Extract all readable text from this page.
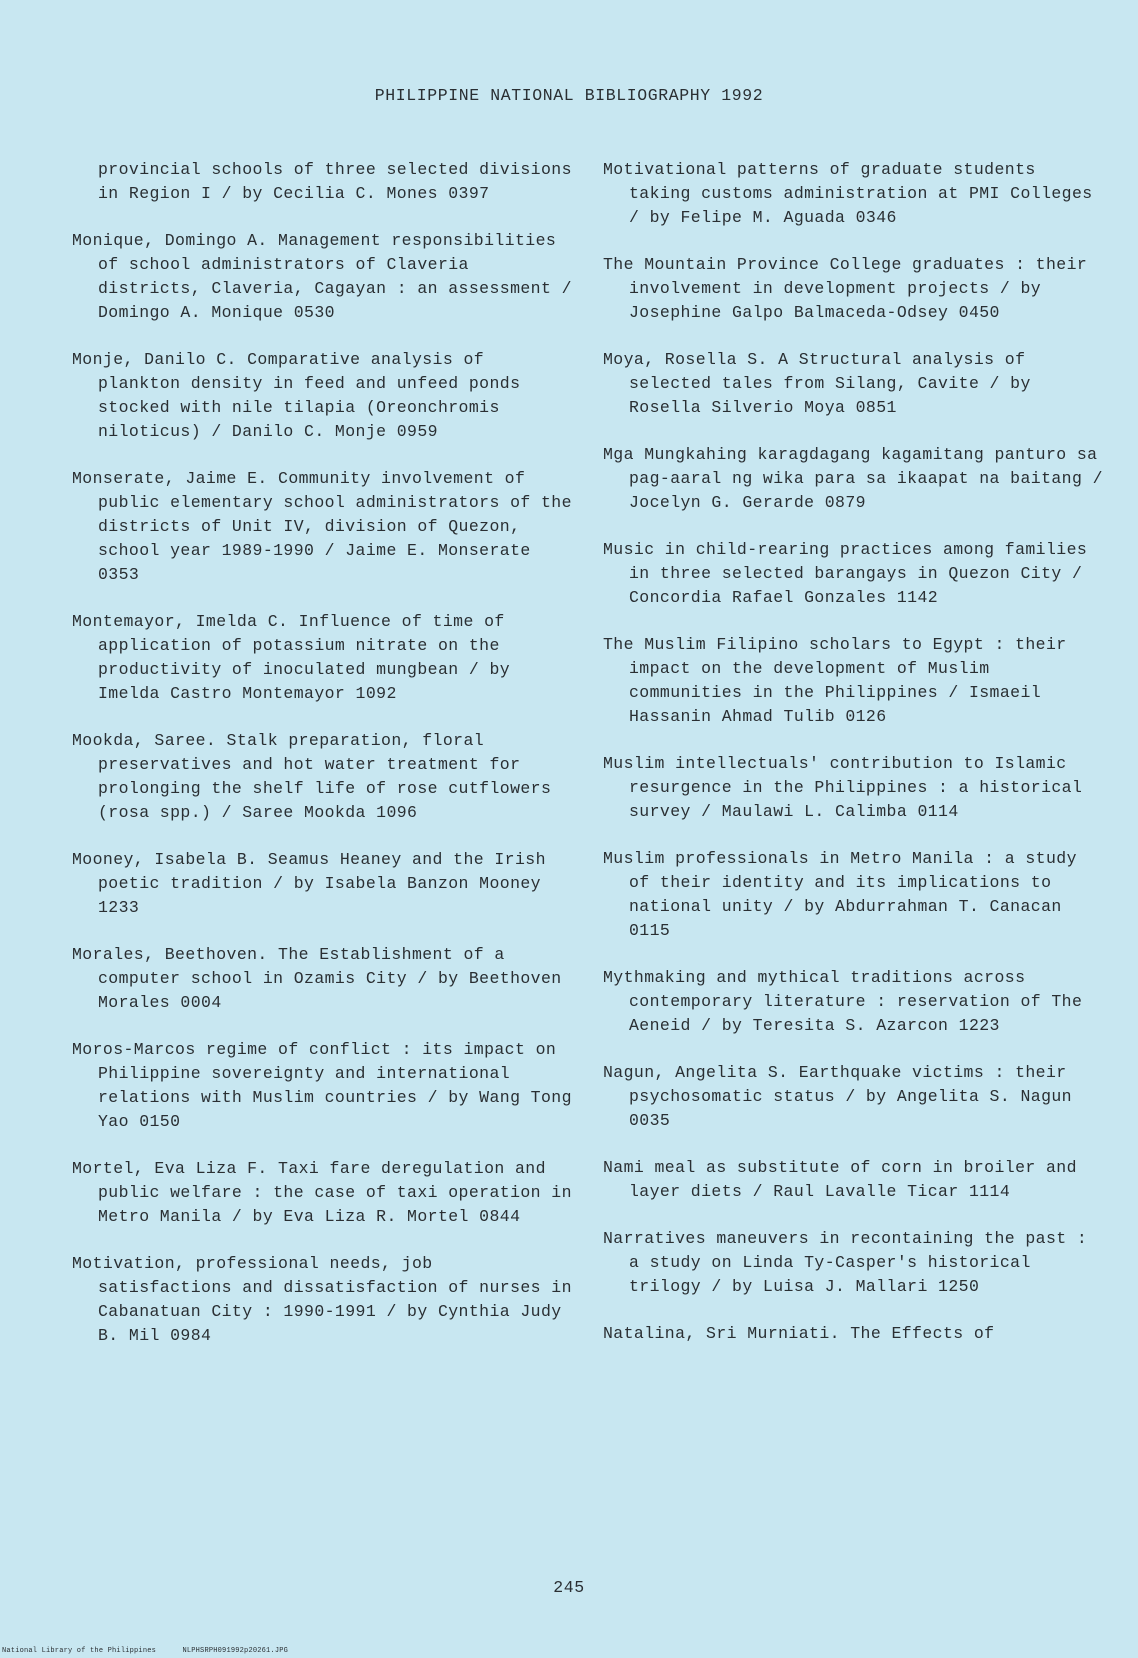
PHILIPPINE NATIONAL BIBLIOGRAPHY 1992
provincial schools of three selected divisions in Region I / by Cecilia C. Mones 0397
Monique, Domingo A. Management responsibilities of school administrators of Claveria districts, Claveria, Cagayan : an assessment / Domingo A. Monique 0530
Monje, Danilo C. Comparative analysis of plankton density in feed and unfeed ponds stocked with nile tilapia (Oreonchromis niloticus) / Danilo C. Monje 0959
Monserate, Jaime E. Community involvement of public elementary school administrators of the districts of Unit IV, division of Quezon, school year 1989-1990 / Jaime E. Monserate 0353
Montemayor, Imelda C. Influence of time of application of potassium nitrate on the productivity of inoculated mungbean / by Imelda Castro Montemayor 1092
Mookda, Saree. Stalk preparation, floral preservatives and hot water treatment for prolonging the shelf life of rose cutflowers (rosa spp.) / Saree Mookda 1096
Mooney, Isabela B. Seamus Heaney and the Irish poetic tradition / by Isabela Banzon Mooney 1233
Morales, Beethoven. The Establishment of a computer school in Ozamis City / by Beethoven Morales 0004
Moros-Marcos regime of conflict : its impact on Philippine sovereignty and international relations with Muslim countries / by Wang Tong Yao 0150
Mortel, Eva Liza F. Taxi fare deregulation and public welfare : the case of taxi operation in Metro Manila / by Eva Liza R. Mortel 0844
Motivation, professional needs, job satisfactions and dissatisfaction of nurses in Cabanatuan City : 1990-1991 / by Cynthia Judy B. Mil 0984
Motivational patterns of graduate students taking customs administration at PMI Colleges / by Felipe M. Aguada 0346
The Mountain Province College graduates : their involvement in development projects / by Josephine Galpo Balmaceda-Odsey 0450
Moya, Rosella S. A Structural analysis of selected tales from Silang, Cavite / by Rosella Silverio Moya 0851
Mga Mungkahing karagdagang kagamitang panturo sa pag-aaral ng wika para sa ikaapat na baitang / Jocelyn G. Gerarde 0879
Music in child-rearing practices among families in three selected barangays in Quezon City / Concordia Rafael Gonzales 1142
The Muslim Filipino scholars to Egypt : their impact on the development of Muslim communities in the Philippines / Ismaeil Hassanin Ahmad Tulib 0126
Muslim intellectuals' contribution to Islamic resurgence in the Philippines : a historical survey / Maulawi L. Calimba 0114
Muslim professionals in Metro Manila : a study of their identity and its implications to national unity / by Abdurrahman T. Canacan 0115
Mythmaking and mythical traditions across contemporary literature : reservation of The Aeneid / by Teresita S. Azarcon 1223
Nagun, Angelita S. Earthquake victims : their psychosomatic status / by Angelita S. Nagun 0035
Nami meal as substitute of corn in broiler and layer diets / Raul Lavalle Ticar 1114
Narratives maneuvers in recontaining the past : a study on Linda Ty-Casper's historical trilogy / by Luisa J. Mallari 1250
Natalina, Sri Murniati. The Effects of
245
National Library of the Philippines	NLPHSRPH091992p20261.JPG
